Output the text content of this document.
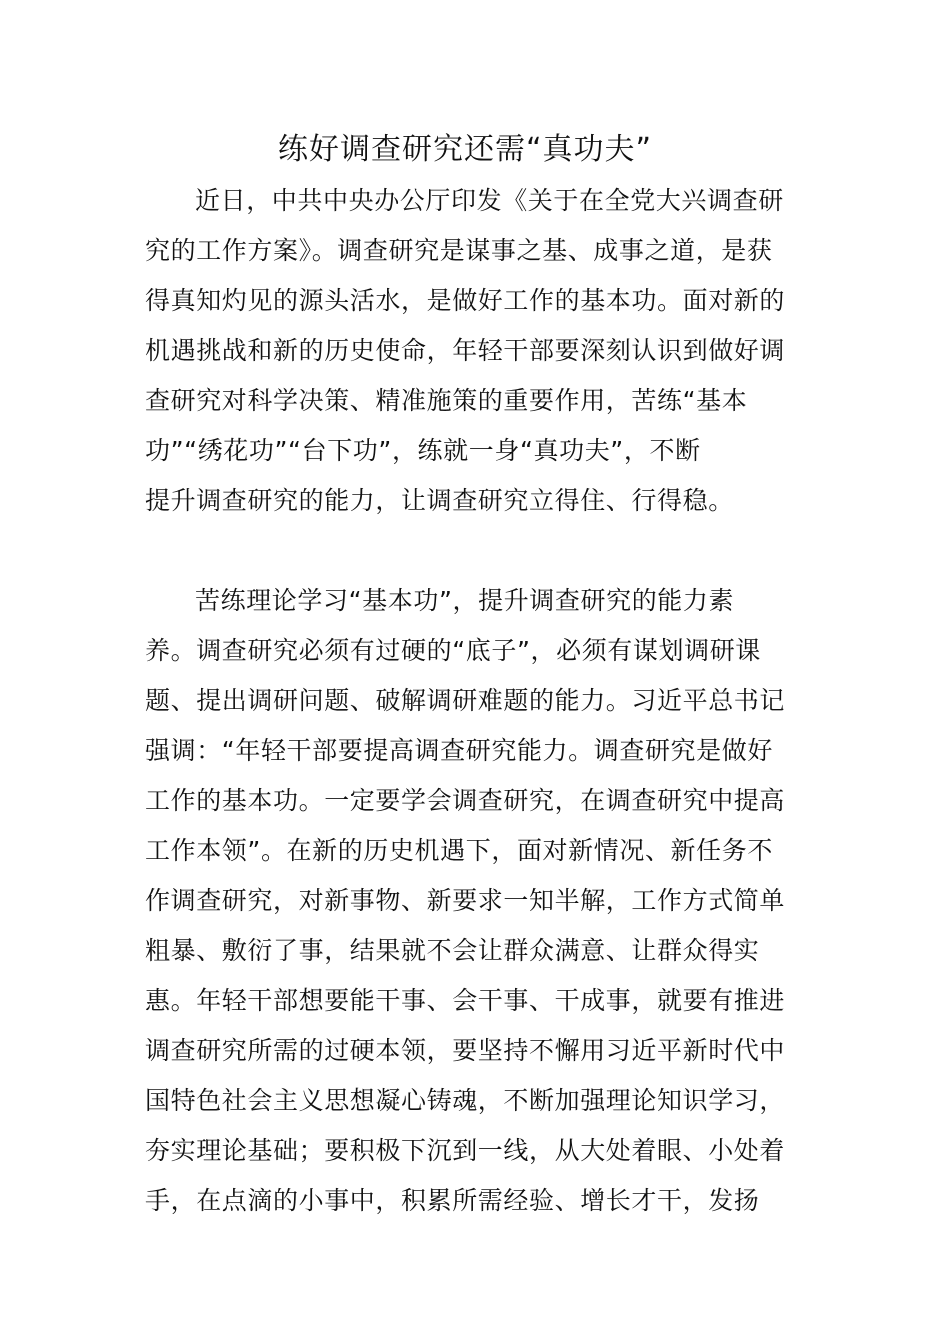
练好调查研究还需“真功夫”
近日，中共中央办公厅印发《关于在全党大兴调查研
究的工作方案》。调查研究是谋事之基、成事之道，是获
得真知灼见的源头活水，是做好工作的基本功。面对新的
机遇挑战和新的历史使命，年轻干部要深刻认识到做好调
查研究对科学决策、精准施策的重要作用，苦练“基本
功”“绣花功”“台下功”，练就一身“真功夫”，不断
提升调查研究的能力，让调查研究立得住、行得稳。
苦练理论学习“基本功”，提升调查研究的能力素
养。调查研究必须有过硬的“底子”，必须有谋划调研课
题、提出调研问题、破解调研难题的能力。习近平总书记
强调：“年轻干部要提高调查研究能力。调查研究是做好
工作的基本功。一定要学会调查研究，在调查研究中提高
工作本领”。在新的历史机遇下，面对新情况、新任务不
作调查研究，对新事物、新要求一知半解，工作方式简单
粗暴、敷衍了事，结果就不会让群众满意、让群众得实
惠。年轻干部想要能干事、会干事、干成事，就要有推进
调查研究所需的过硬本领，要坚持不懈用习近平新时代中
国特色社会主义思想凝心铸魂，不断加强理论知识学习，
夯实理论基础；要积极下沉到一线，从大处着眼、小处着
手，在点滴的小事中，积累所需经验、增长才干，发扬
